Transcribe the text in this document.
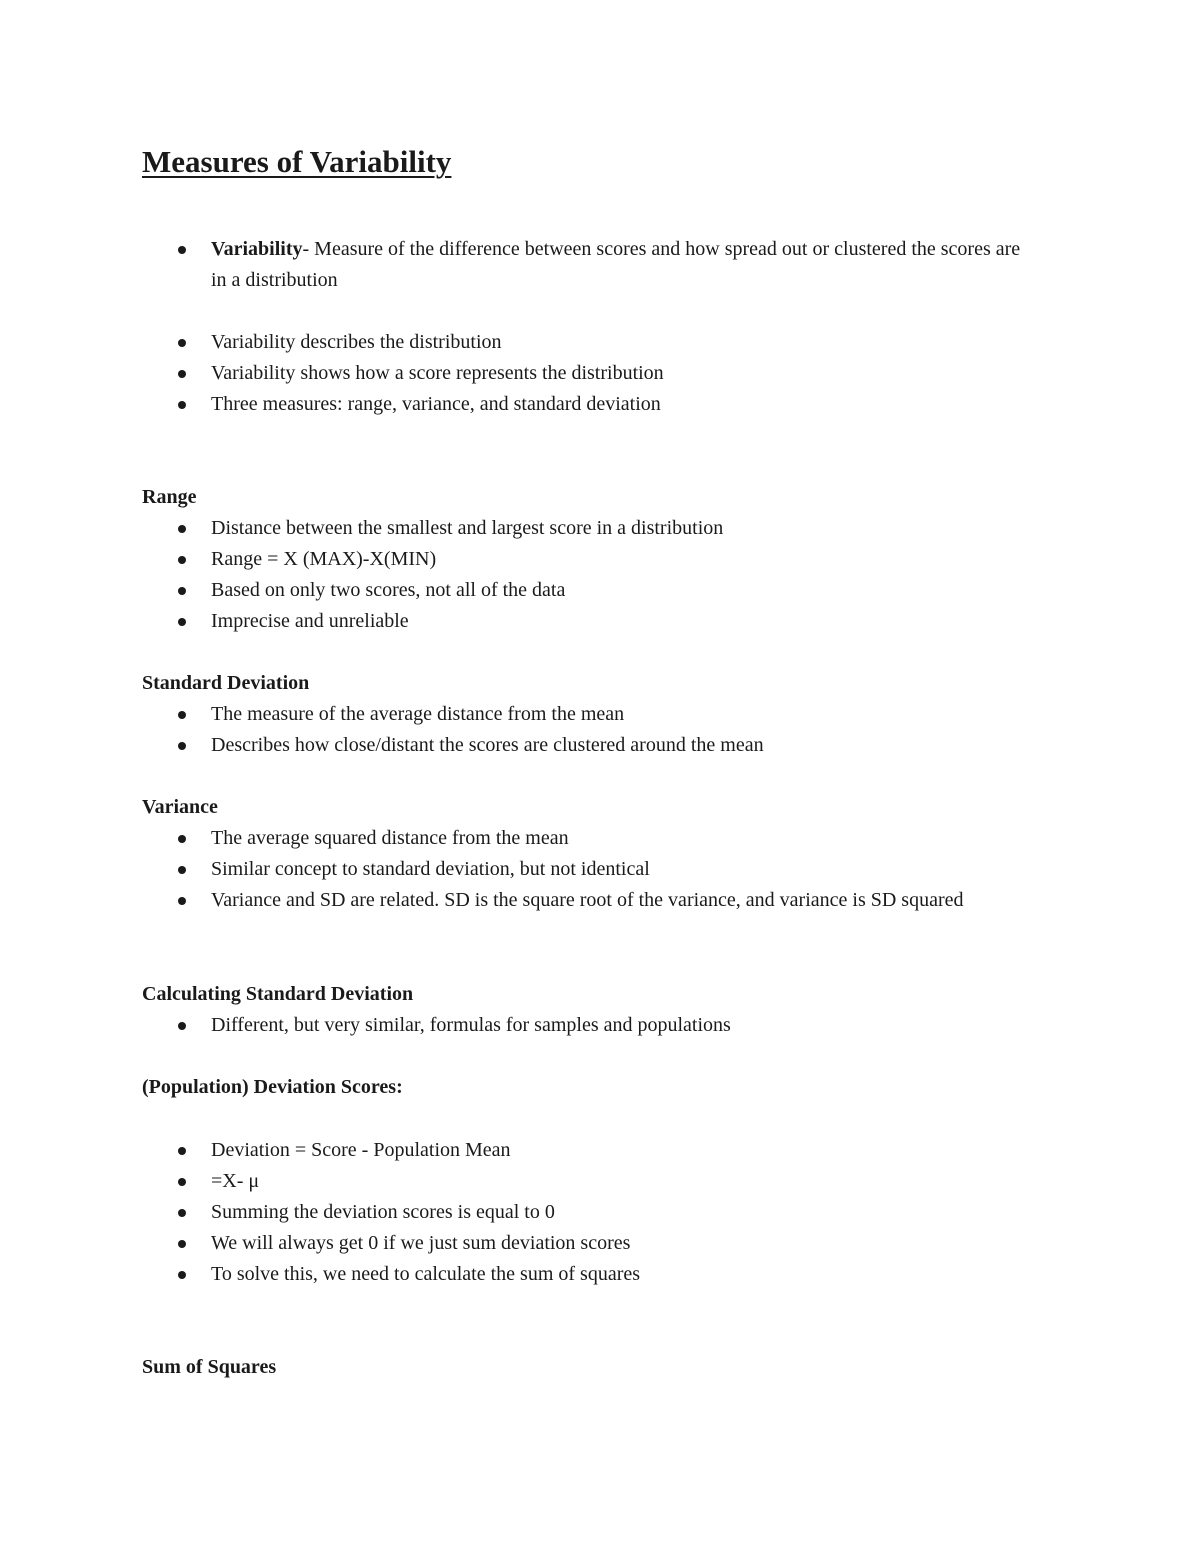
Measures of Variability
Variability- Measure of the difference between scores and how spread out or clustered the scores are in a distribution
Variability describes the distribution
Variability shows how a score represents the distribution
Three measures: range, variance, and standard deviation
Range
Distance between the smallest and largest score in a distribution
Range = X (MAX)-X(MIN)
Based on only two scores, not all of the data
Imprecise and unreliable
Standard Deviation
The measure of the average distance from the mean
Describes how close/distant the scores are clustered around the mean
Variance
The average squared distance from the mean
Similar concept to standard deviation, but not identical
Variance and SD are related. SD is the square root of the variance, and variance is SD squared
Calculating Standard Deviation
Different, but very similar, formulas for samples and populations
(Population) Deviation Scores:
Deviation = Score - Population Mean
=X- μ
Summing the deviation scores is equal to 0
We will always get 0 if we just sum deviation scores
To solve this, we need to calculate the sum of squares
Sum of Squares
